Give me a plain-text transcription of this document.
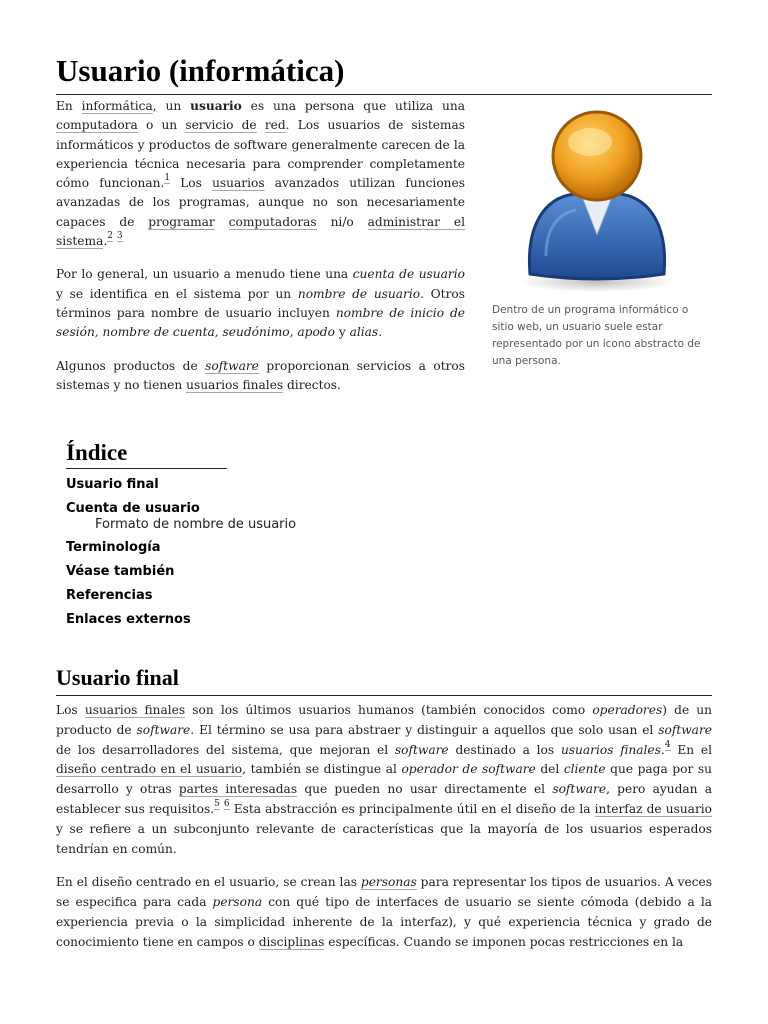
Usuario (informática)

En informática, un usuario es una persona que utiliza una computadora o un servicio de red. Los usuarios de sistemas informáticos y productos de software generalmente carecen de la experiencia técnica necesaria para comprender completamente cómo funcionan.$^1$ Los usuarios avanzados utilizan funciones avanzadas de los programas, aunque no son necesariamente capaces de programar computadoras ni/o administrar el sistema.$^2$ $^3$

Por lo general, un usuario a menudo tiene una cuenta de usuario y se identifica en el sistema por un nombre de usuario. Otros términos para nombre de usuario incluyen nombre de inicio de sesión, nombre de cuenta, seudónimo, apodo y alias.

Algunos productos de software proporcionan servicios a otros sistemas y no tienen usuarios finales directos.

Dentro de un programa informático o sitio web, un usuario suele estar representado por un icono abstracto de una persona.
Índice
Usuario final
Cuenta de usuario
Formato de nombre de usuario
Terminología
Véase también
Referencias
Enlaces externos
Usuario final

Los usuarios finales son los últimos usuarios humanos (también conocidos como operadores) de un producto de software. El término se usa para abstraer y distinguir a aquellos que solo usan el software de los desarrolladores del sistema, que mejoran el software destinado a los usuarios finales.$^4$ En el diseño centrado en el usuario, también se distingue al operador de software del cliente que paga por su desarrollo y otras partes interesadas que pueden no usar directamente el software, pero ayudan a establecer sus requisitos.$^5$ $^6$ Esta abstracción es principalmente útil en el diseño de la interfaz de usuario y se refiere a un subconjunto relevante de características que la mayoría de los usuarios esperados tendrían en común.

En el diseño centrado en el usuario, se crean las personas para representar los tipos de usuarios. A veces se especifica para cada persona con qué tipo de interfaces de usuario se siente cómoda (debido a la experiencia previa o la simplicidad inherente de la interfaz), y qué experiencia técnica y grado de conocimiento tiene en campos o disciplinas específicas. Cuando se imponen pocas restricciones en la
